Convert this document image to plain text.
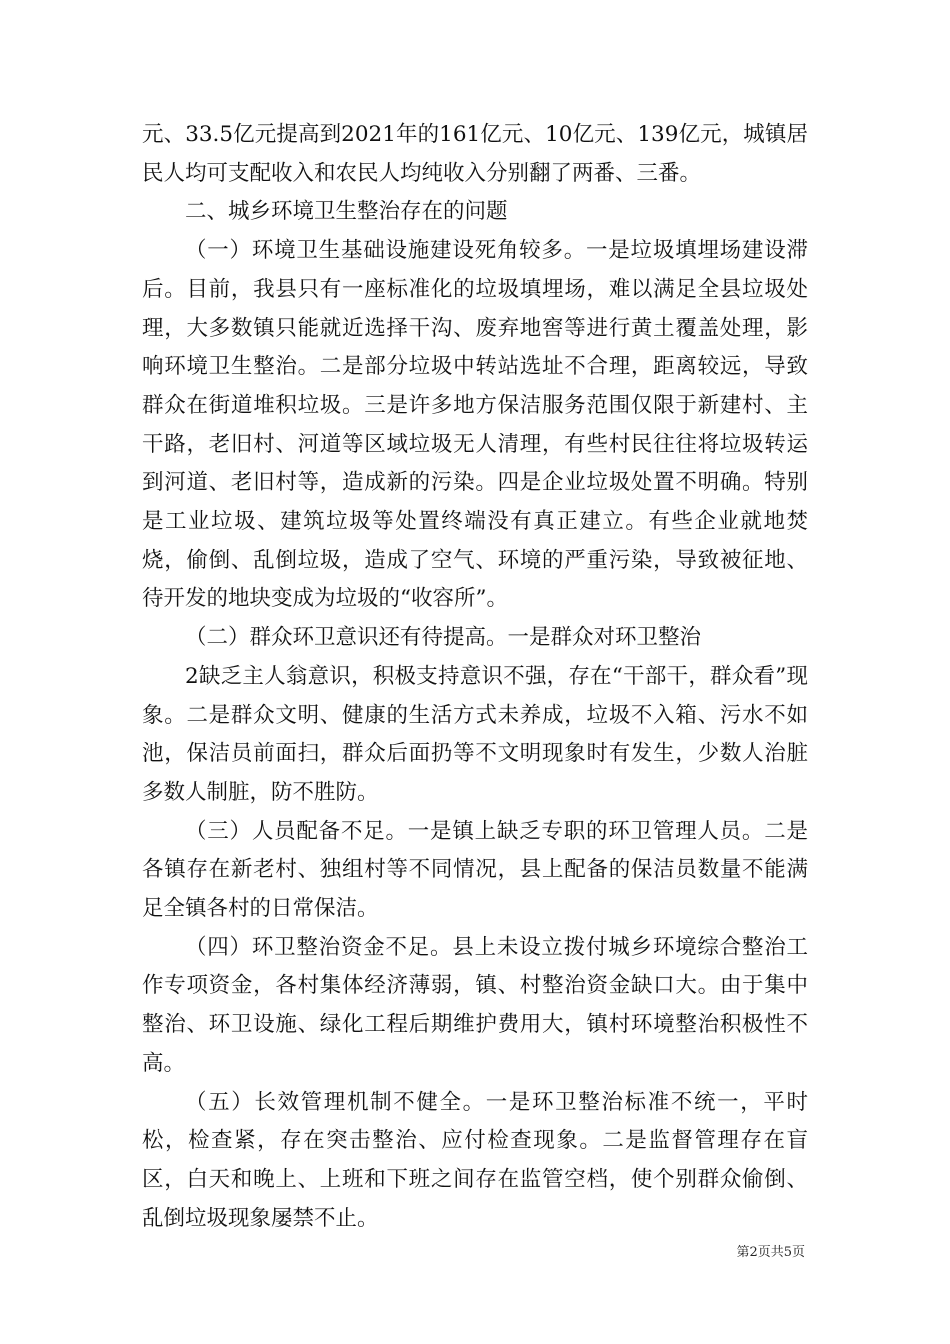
元、33.5亿元提高到2021年的161亿元、10亿元、139亿元，城镇居民人均可支配收入和农民人均纯收入分别翻了两番、三番。

二、城乡环境卫生整治存在的问题

（一）环境卫生基础设施建设死角较多。一是垃圾填埋场建设滞后。目前，我县只有一座标准化的垃圾填埋场，难以满足全县垃圾处理，大多数镇只能就近选择干沟、废弃地窖等进行黄土覆盖处理，影响环境卫生整治。二是部分垃圾中转站选址不合理，距离较远，导致群众在街道堆积垃圾。三是许多地方保洁服务范围仅限于新建村、主干路，老旧村、河道等区域垃圾无人清理，有些村民往往将垃圾转运到河道、老旧村等，造成新的污染。四是企业垃圾处置不明确。特别是工业垃圾、建筑垃圾等处置终端没有真正建立。有些企业就地焚烧，偷倒、乱倒垃圾，造成了空气、环境的严重污染，导致被征地、待开发的地块变成为垃圾的“收容所”。

（二）群众环卫意识还有待提高。一是群众对环卫整治

2缺乏主人翁意识，积极支持意识不强，存在“干部干，群众看”现象。二是群众文明、健康的生活方式未养成，垃圾不入箱、污水不如池，保洁员前面扫，群众后面扔等不文明现象时有发生，少数人治脏多数人制脏，防不胜防。

（三）人员配备不足。一是镇上缺乏专职的环卫管理人员。二是各镇存在新老村、独组村等不同情况，县上配备的保洁员数量不能满足全镇各村的日常保洁。

（四）环卫整治资金不足。县上未设立拨付城乡环境综合整治工作专项资金，各村集体经济薄弱，镇、村整治资金缺口大。由于集中整治、环卫设施、绿化工程后期维护费用大，镇村环境整治积极性不高。

（五）长效管理机制不健全。一是环卫整治标准不统一，平时松，检查紧，存在突击整治、应付检查现象。二是监督管理存在盲区，白天和晚上、上班和下班之间存在监管空档，使个别群众偷倒、乱倒垃圾现象屡禁不止。

第2页共5页
